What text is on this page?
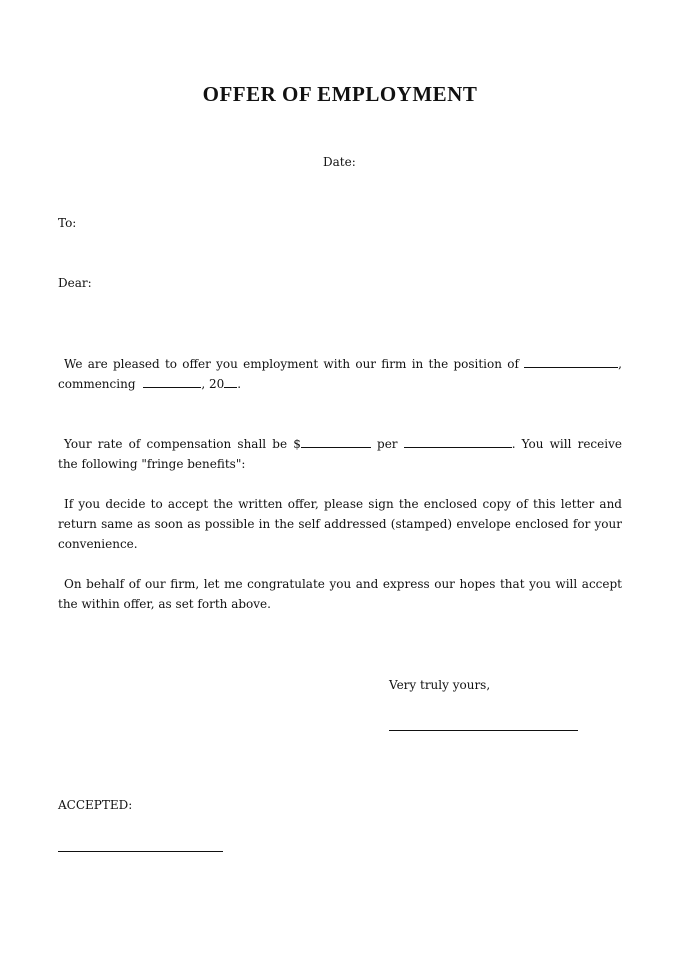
OFFER OF EMPLOYMENT
Date:
To:
Dear:
We are pleased to offer you employment with our firm in the position of	,
commencing	, 20 .
Your rate of compensation shall be $	per	. You will receive
the following "fringe benefits":
If you decide to accept the written offer, please sign the enclosed copy of this letter and
return same as soon as possible in the self addressed (stamped) envelope enclosed for your
convenience.
On behalf of our firm, let me congratulate you and express our hopes that you will accept
the within offer, as set forth above.
Very truly yours,
ACCEPTED:
